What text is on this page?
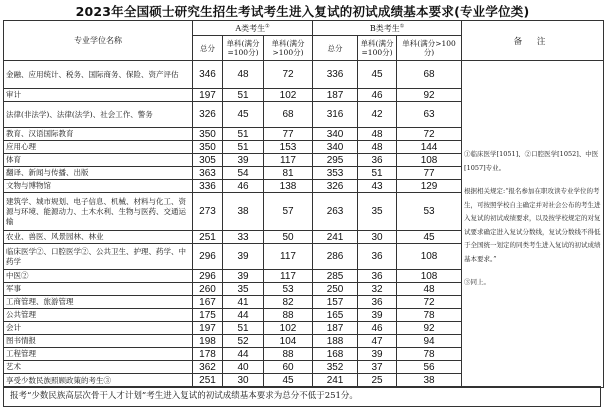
2023年全国硕士研究生招生考试考生进入复试的初试成绩基本要求(专业学位类)
专业学位名称	A类考生①			B类考生①			备 注
	总分	单科(满分=100分)	单科(满分>100分)	总分	单科(满分=100分)	单科(满分>100分)	
金融、应用统计、税务、国际商务、保险、资产评估	346	48	72	336	45	68	①临床医学[1051]、②口腔医学[1052]、中医[1057]专业。

根据相关规定:“报名参加在职攻读专业学位的考生，可按照学校自主确定并对社会公布的考生进入复试的初试成绩要求，以及按学校规定的对复试要求确定进入复试分数线，复试分数线不得低于全国统一划定的同类考生进入复试的初试成绩基本要求。”

③同上。

审计	197	51	102	187	46	92	
法律(非法学)、法律(法学)、社会工作、警务	326	45	68	316	42	63	
教育、汉语国际教育	350	51	77	340	48	72	
应用心理	350	51	153	340	48	144	
体育	305	39	117	295	36	108	
翻译、新闻与传播、出版	363	54	81	353	51	77	
文物与博物馆	336	46	138	326	43	129	
建筑学、城市规划、电子信息、机械、材料与化工、资源与环境、能源动力、土木水利、生物与医药、交通运输	273	38	57	263	35	53	
农业、兽医、风景园林、林业	251	33	50	241	30	45	
临床医学②、口腔医学②、公共卫生、护理、药学、中药学	296	39	117	286	36	108	
中医②	296	39	117	285	36	108	
军事	260	35	53	250	32	48	
工商管理、旅游管理	167	41	82	157	36	72	
公共管理	175	44	88	165	39	78	
会计	197	51	102	187	46	92	
图书情报	198	52	104	188	47	94	
工程管理	178	44	88	168	39	78	
艺术	362	40	60	352	37	56	
享受少数民族照顾政策的考生③	251	30	45	241	25	38	
报考“少数民族高层次骨干人才计划”考生进入复试的初试成绩基本要求为总分不低于251分。
